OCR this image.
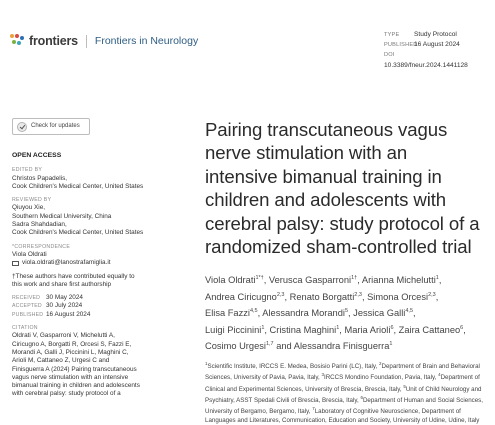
frontiers Frontiers in Neurology	TYPE Study Protocol
PUBLISHED16 August 2024
DOI10.3389/fneur.2024.1441128
Check for updates
OPEN ACCESS
EDITED BY
Christos Papadelis,
Cook Children's Medical Center, United States
REVIEWED BY
Qiuyou Xie,
Southern Medical University, China
Sadra Shahdadian,
Cook Children's Medical Center, United States
*CORRESPONDENCE
Viola Oldrati
viola.oldrati@lanostrafamiglia.it
†These authors have contributed equally to
this work and share first authorship
RECEIVED 30 May 2024
ACCEPTED 30 July 2024
PUBLISHED 16 August 2024
CITATION
Oldrati V, Gasparroni V, Michelutti A,
Ciricugno A, Borgatti R, Orcesi S, Fazzi E,
Morandi A, Galli J, Piccinini L, Maghini C,
Arioli M, Cattaneo Z, Urgesi C and
Finisguerra A (2024) Pairing transcutaneous
vagus nerve stimulation with an intensive
bimanual training in children and adolescents
with cerebral palsy: study protocol of a
Pairing transcutaneous vagus
nerve stimulation with an
intensive bimanual training in
children and adolescents with
cerebral palsy: study protocol of a
randomized sham-controlled trial
Viola Oldrati$^{1*\dagger}$, Verusca Gasparroni$^{1\dagger}$, Arianna Michelutti$^1$,
Andrea Ciricugno$^{2,3}$, Renato Borgatti$^{2,3}$, Simona Orcesi$^{2,3}$,
Elisa Fazzi$^{4,5}$, Alessandra Morandi$^5$, Jessica Galli$^{4,5}$,
Luigi Piccinini$^1$, Cristina Maghini$^1$, Maria Arioli$^6$, Zaira Cattaneo$^6$,
Cosimo Urgesi$^{1,7}$ and Alessandra Finisguerra$^1$
$^1$Scientific Institute, IRCCS E. Medea, Bosisio Parini (LC), Italy, $^2$Department of Brain and Behavioral
Sciences, University of Pavia, Pavia, Italy, $^3$IRCCS Mondino Foundation, Pavia, Italy, $^4$Department of
Clinical and Experimental Sciences, University of Brescia, Brescia, Italy, $^5$Unit of Child Neurology and
Psychiatry, ASST Spedali Civili of Brescia, Brescia, Italy, $^6$Department of Human and Social Sciences,
University of Bergamo, Bergamo, Italy, $^7$Laboratory of Cognitive Neuroscience, Department of
Languages and Literatures, Communication, Education and Society, University of Udine, Udine, Italy
